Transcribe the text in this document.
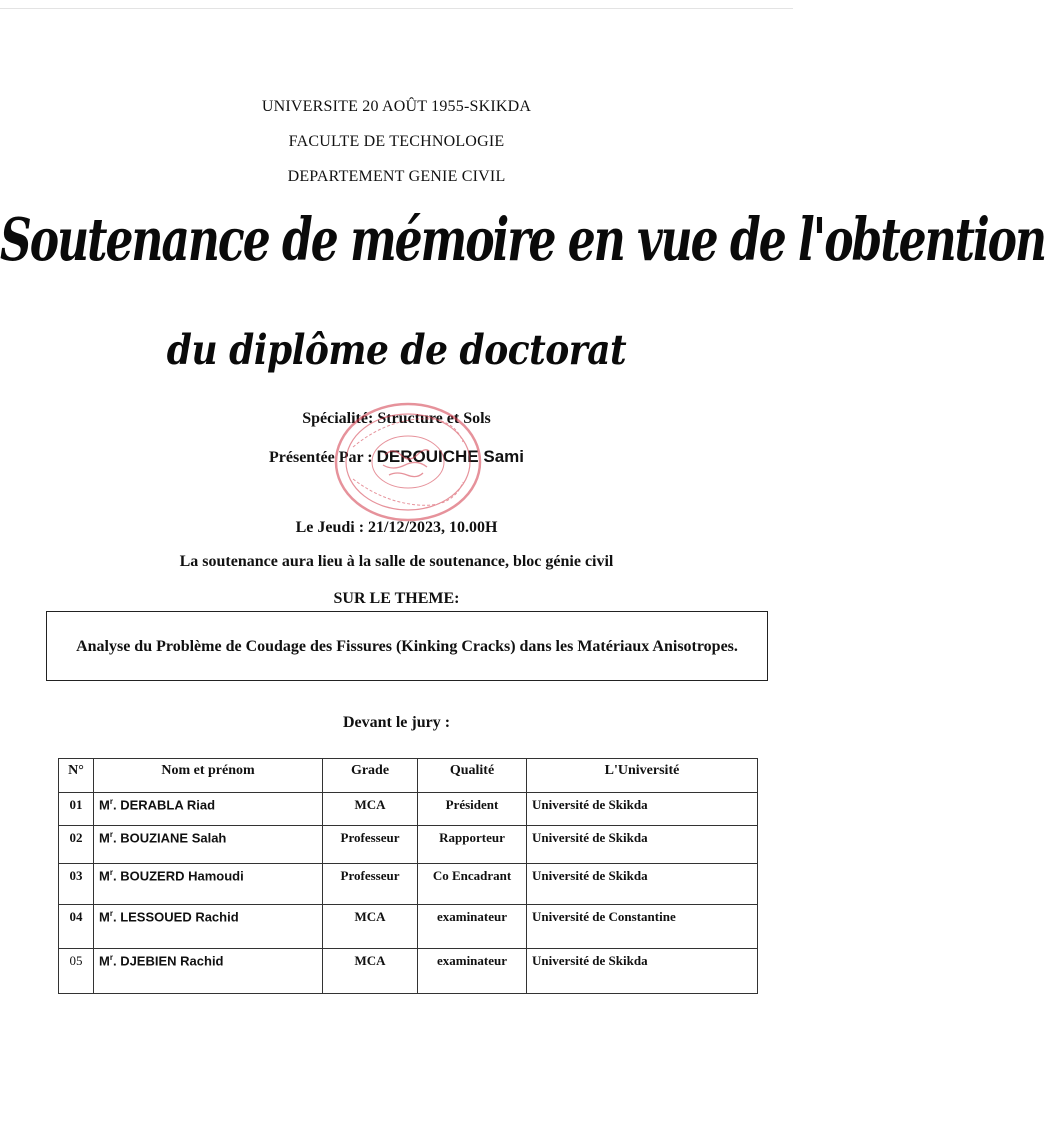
UNIVERSITE 20 AOÛT 1955-SKIKDA
FACULTE DE TECHNOLOGIE
DEPARTEMENT GENIE CIVIL
Soutenance de mémoire en vue de l'obtention
du diplôme de doctorat
Spécialité: Structure et Sols
Présentée Par : DEROUICHE Sami
Le Jeudi : 21/12/2023, 10.00H
La soutenance aura lieu à la salle de soutenance, bloc génie civil
SUR LE THEME:
Analyse du Problème de Coudage des Fissures (Kinking Cracks) dans les Matériaux Anisotropes.
Devant le jury :
N°	Nom et prénom	Grade	Qualité	L'Université
01	$M^r$. DERABLA Riad	MCA	Président	Université de Skikda
02	$M^r$. BOUZIANE Salah	Professeur	Rapporteur	Université de Skikda
03	$M^r$. BOUZERD Hamoudi	Professeur	Co Encadrant	Université de Skikda
04	$M^r$. LESSOUED Rachid	MCA	examinateur	Université de Constantine
05	$M^r$. DJEBIEN Rachid	MCA	examinateur	Université de Skikda
